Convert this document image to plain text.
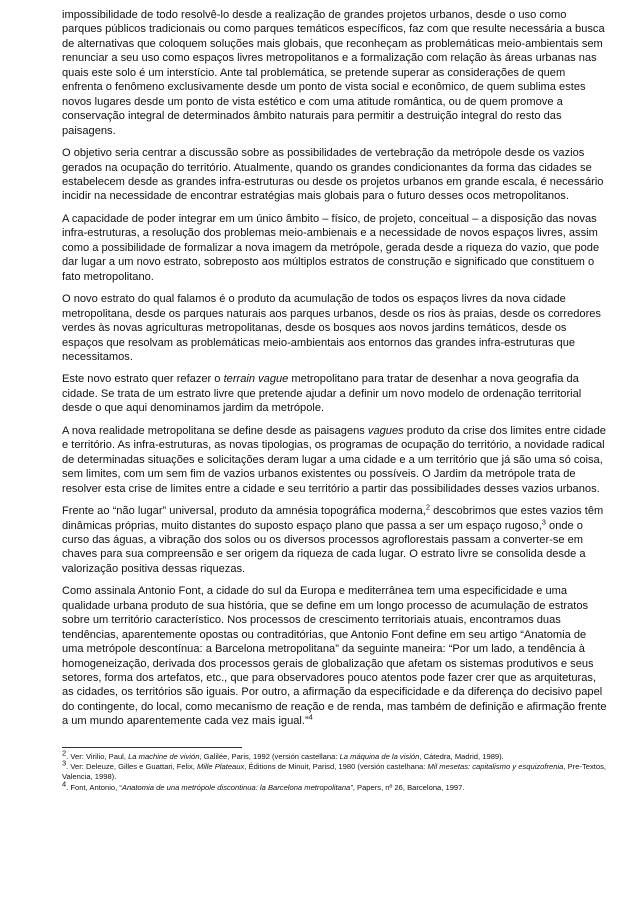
impossibilidade de todo resolvê-lo desde a realização de grandes projetos urbanos, desde o uso como parques públicos tradicionais ou como parques temáticos específicos, faz com que resulte necessária a busca de alternativas que coloquem soluções mais globais, que reconheçam as problemáticas meio-ambientais sem renunciar a seu uso como espaços livres metropolitanos e a formalização com relação às áreas urbanas nas quais este solo é um interstício. Ante tal problemática, se pretende superar as considerações de quem enfrenta o fenômeno exclusivamente desde um ponto de vista social e econômico, de quem sublima estes novos lugares desde um ponto de vista estético e com uma atitude romântica, ou de quem promove a conservação integral de determinados âmbito naturais para permitir a destruição integral do resto das paisagens.

O objetivo seria centrar a discussão sobre as possibilidades de vertebração da metrópole desde os vazios gerados na ocupação do território. Atualmente, quando os grandes condicionantes da forma das cidades se estabelecem desde as grandes infra-estruturas ou desde os projetos urbanos em grande escala, é necessário incidir na necessidade de encontrar estratégias mais globais para o futuro desses ocos metropolitanos.

A capacidade de poder integrar em um único âmbito – físico, de projeto, conceitual – a disposição das novas infra-estruturas, a resolução dos problemas meio-ambienais e a necessidade de novos espaços livres, assim como a possibilidade de formalizar a nova imagem da metrópole, gerada desde a riqueza do vazio, que pode dar lugar a um novo estrato, sobreposto aos múltiplos estratos de construção e significado que constituem o fato metropolitano.

O novo estrato do qual falamos é o produto da acumulação de todos os espaços livres da nova cidade metropolitana, desde os parques naturais aos parques urbanos, desde os rios às praias, desde os corredores verdes às novas agriculturas metropolitanas, desde os bosques aos novos jardins temáticos, desde os espaços que resolvam as problemáticas meio-ambientais aos entornos das grandes infra-estruturas que necessitamos.

Este novo estrato quer refazer o terrain vague metropolitano para tratar de desenhar a nova geografia da cidade. Se trata de um estrato livre que pretende ajudar a definir um novo modelo de ordenação territorial desde o que aqui denominamos jardim da metrópole.

A nova realidade metropolitana se define desde as paisagens vagues produto da crise dos limites entre cidade e território. As infra-estruturas, as novas tipologias, os programas de ocupação do território, a novidade radical de determinadas situações e solicitações deram lugar a uma cidade e a um território que já são uma só coisa, sem limites, com um sem fim de vazios urbanos existentes ou possíveis. O Jardim da metrópole trata de resolver esta crise de limites entre a cidade e seu território a partir das possibilidades desses vazios urbanos.

Frente ao “não lugar” universal, produto da amnésia topográfica moderna,$^2$ descobrimos que estes vazios têm dinâmicas próprias, muito distantes do suposto espaço plano que passa a ser um espaço rugoso,$^3$ onde o curso das águas, a vibração dos solos ou os diversos processos agroflorestais passam a converter-se em chaves para sua compreensão e ser origem da riqueza de cada lugar. O estrato livre se consolida desde a valorização positiva dessas riquezas.

Como assinala Antonio Font, a cidade do sul da Europa e mediterrânea tem uma especificidade e uma qualidade urbana produto de sua história, que se define em um longo processo de acumulação de estratos sobre um território característico. Nos processos de crescimento territoriais atuais, encontramos duas tendências, aparentemente opostas ou contraditórias, que Antonio Font define em seu artigo “Anatomia de uma metrópole descontínua: a Barcelona metropolitana” da seguinte maneira: “Por um lado, a tendência à homogeneização, derivada dos processos gerais de globalização que afetam os sistemas produtivos e seus setores, forma dos artefatos, etc., que para observadores pouco atentos pode fazer crer que as arquiteturas, as cidades, os territórios são iguais. Por outro, a afirmação da especificidade e da diferença do decisivo papel do contingente, do local, como mecanismo de reação e de renda, mas também de definição e afirmação frente a um mundo aparentemente cada vez mais igual.”$^4$

$^2$. Ver: Virilio, Paul, La machine de vivión, Galilée, Paris, 1992 (versión castellana: La máquina de la visión, Cátedra, Madrid, 1989).

$^3$. Ver: Deleuze, Gilles e Guattari, Felix, Mille Plateaux, Éditions de Minuit, Parisd, 1980 (versión castelhana: Mil mesetas: capitalismo y esquizofrenia, Pre-Textos, Valencia, 1998).

$^4$. Font, Antonio, “Anatomia de una metrópole discontinua: la Barcelona metropolitana”, Papers, nº 26, Barcelona, 1997.
